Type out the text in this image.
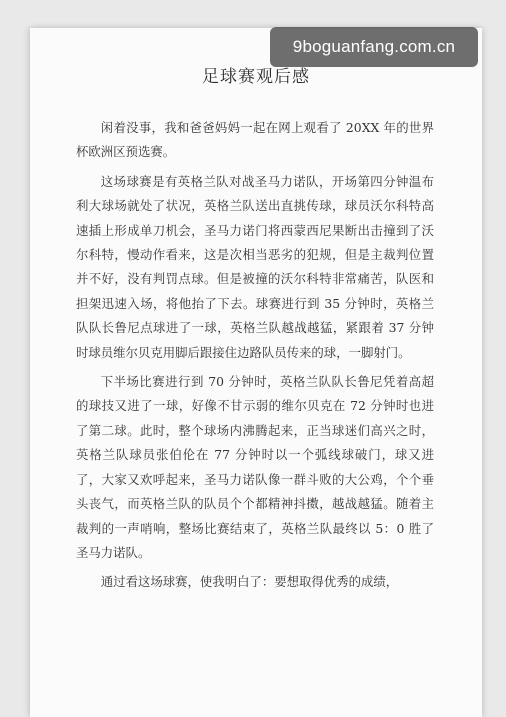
足球赛观后感

闲着没事，我和爸爸妈妈一起在网上观看了 20XX 年的世界杯欧洲区预选赛。

这场球赛是有英格兰队对战圣马力诺队，开场第四分钟温布利大球场就处了状况，英格兰队送出直挑传球，球员沃尔科特高速插上形成单刀机会，圣马力诺门将西蒙西尼果断出击撞到了沃尔科特，慢动作看来，这是次相当恶劣的犯规，但是主裁判位置并不好，没有判罚点球。但是被撞的沃尔科特非常痛苦，队医和担架迅速入场，将他抬了下去。球赛进行到 35 分钟时，英格兰队队长鲁尼点球进了一球，英格兰队越战越猛，紧跟着 37 分钟时球员维尔贝克用脚后跟接住边路队员传来的球，一脚射门。

下半场比赛进行到 70 分钟时，英格兰队队长鲁尼凭着高超的球技又进了一球，好像不甘示弱的维尔贝克在 72 分钟时也进了第二球。此时，整个球场内沸腾起来，正当球迷们高兴之时，英格兰队球员张伯伦在 77 分钟时以一个弧线球破门，球又进了，大家又欢呼起来，圣马力诺队像一群斗败的大公鸡，个个垂头丧气，而英格兰队的队员个个都精神抖擞，越战越猛。随着主裁判的一声哨响，整场比赛结束了，英格兰队最终以 5：0 胜了圣马力诺队。

通过看这场球赛，使我明白了：要想取得优秀的成绩，

9boguanfang.com.cn
